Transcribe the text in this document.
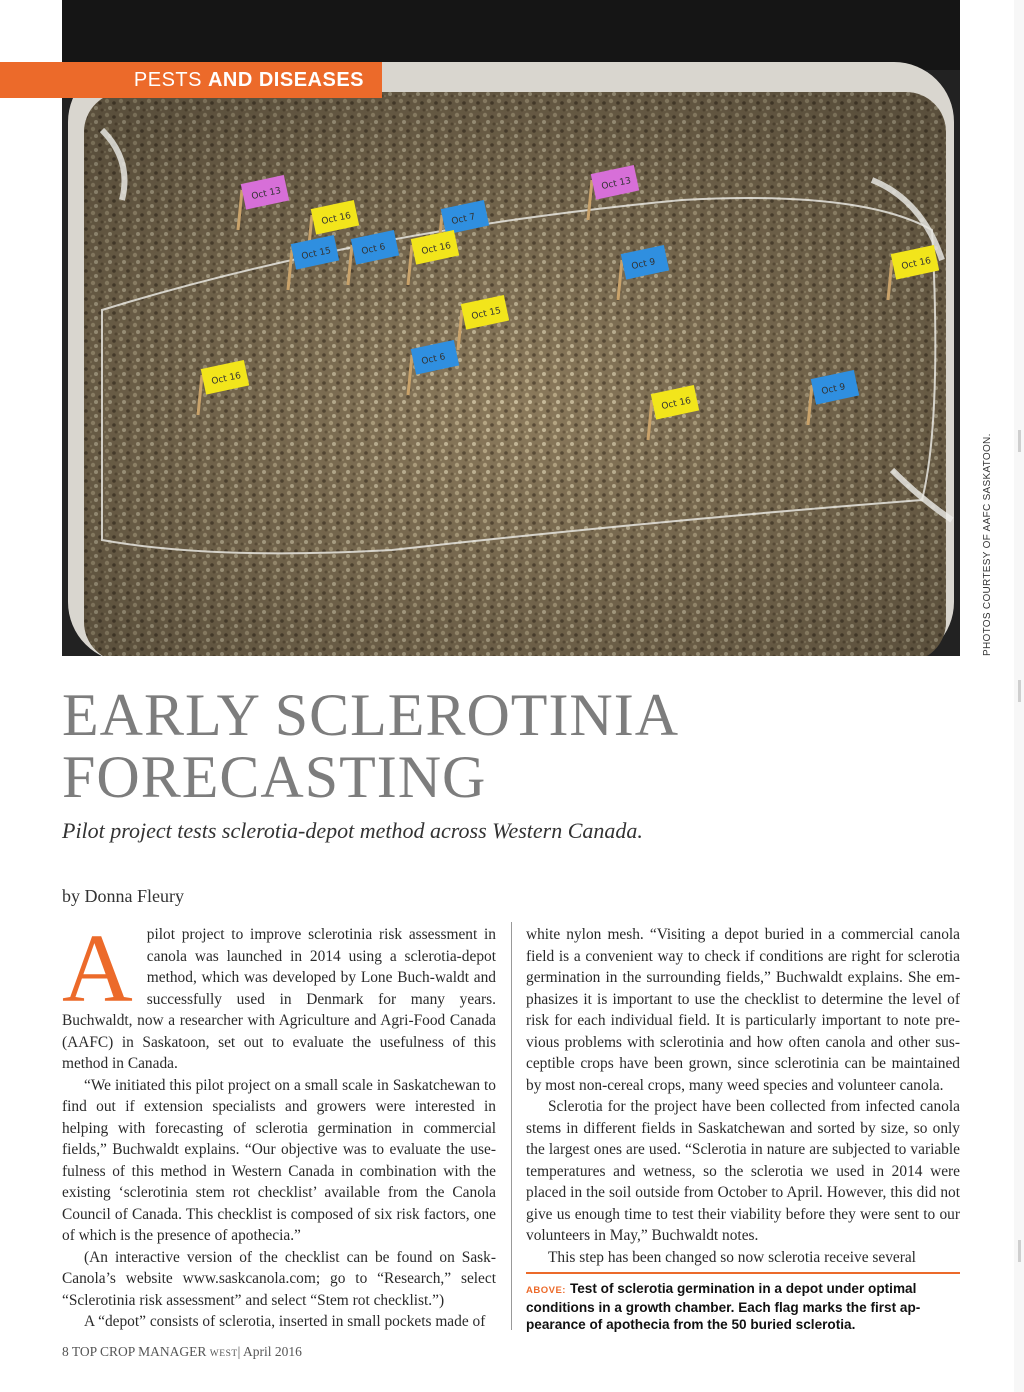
Oct 13
Oct 16
Oct 15
Oct 7
Oct 6	Oct 16
Oct 13
Oct 9	Oct 16
Oct 15
Oct 6
Oct 16
Oct 9
Oct 16
PESTS AND DISEASES
PHOTOS COURTESY OF AAFC SASKATOON.
EARLY SCLEROTINIA
FORECASTING

Pilot project tests sclerotia-depot method across Western Canada.

by Donna Fleury

A pilot project to improve sclerotinia risk assessment in canola was launched in 2014 using a sclerotia-depot method, which was developed by Lone Buch-waldt and successfully used in Denmark for many years. Buchwaldt, now a researcher with Agriculture and Agri-Food Canada (AAFC) in Saskatoon, set out to evaluate the usefulness of this method in Canada.

“We initiated this pilot project on a small scale in Saskatchewan to find out if extension specialists and growers were interested in helping with forecasting of sclerotia germination in commercial fields,” Buchwaldt explains. “Our objective was to evaluate the use-fulness of this method in Western Canada in combination with the existing ‘sclerotinia stem rot checklist’ available from the Canola Council of Canada. This checklist is composed of six risk factors, one of which is the presence of apothecia.”

(An interactive version of the checklist can be found on Sask-Canola’s website www.saskcanola.com; go to “Research,” select “Sclerotinia risk assessment” and select “Stem rot checklist.”)

A “depot” consists of sclerotia, inserted in small pockets made of

white nylon mesh. “Visiting a depot buried in a commercial canola field is a convenient way to check if conditions are right for sclerotia germination in the surrounding fields,” Buchwaldt explains. She em-phasizes it is important to use the checklist to determine the level of risk for each individual field. It is particularly important to note pre-vious problems with sclerotinia and how often canola and other sus-ceptible crops have been grown, since sclerotinia can be maintained by most non-cereal crops, many weed species and volunteer canola.

Sclerotia for the project have been collected from infected canola stems in different fields in Saskatchewan and sorted by size, so only the largest ones are used. “Sclerotia in nature are subjected to variable temperatures and wetness, so the sclerotia we used in 2014 were placed in the soil outside from October to April. However, this did not give us enough time to test their viability before they were sent to our volunteers in May,” Buchwaldt notes.

This step has been changed so now sclerotia receive several

ABOVE: Test of sclerotia germination in a depot under optimal conditions in a growth chamber. Each flag marks the first ap-pearance of apothecia from the 50 buried sclerotia.
8 TOP CROP MANAGER WEST| April 2016
